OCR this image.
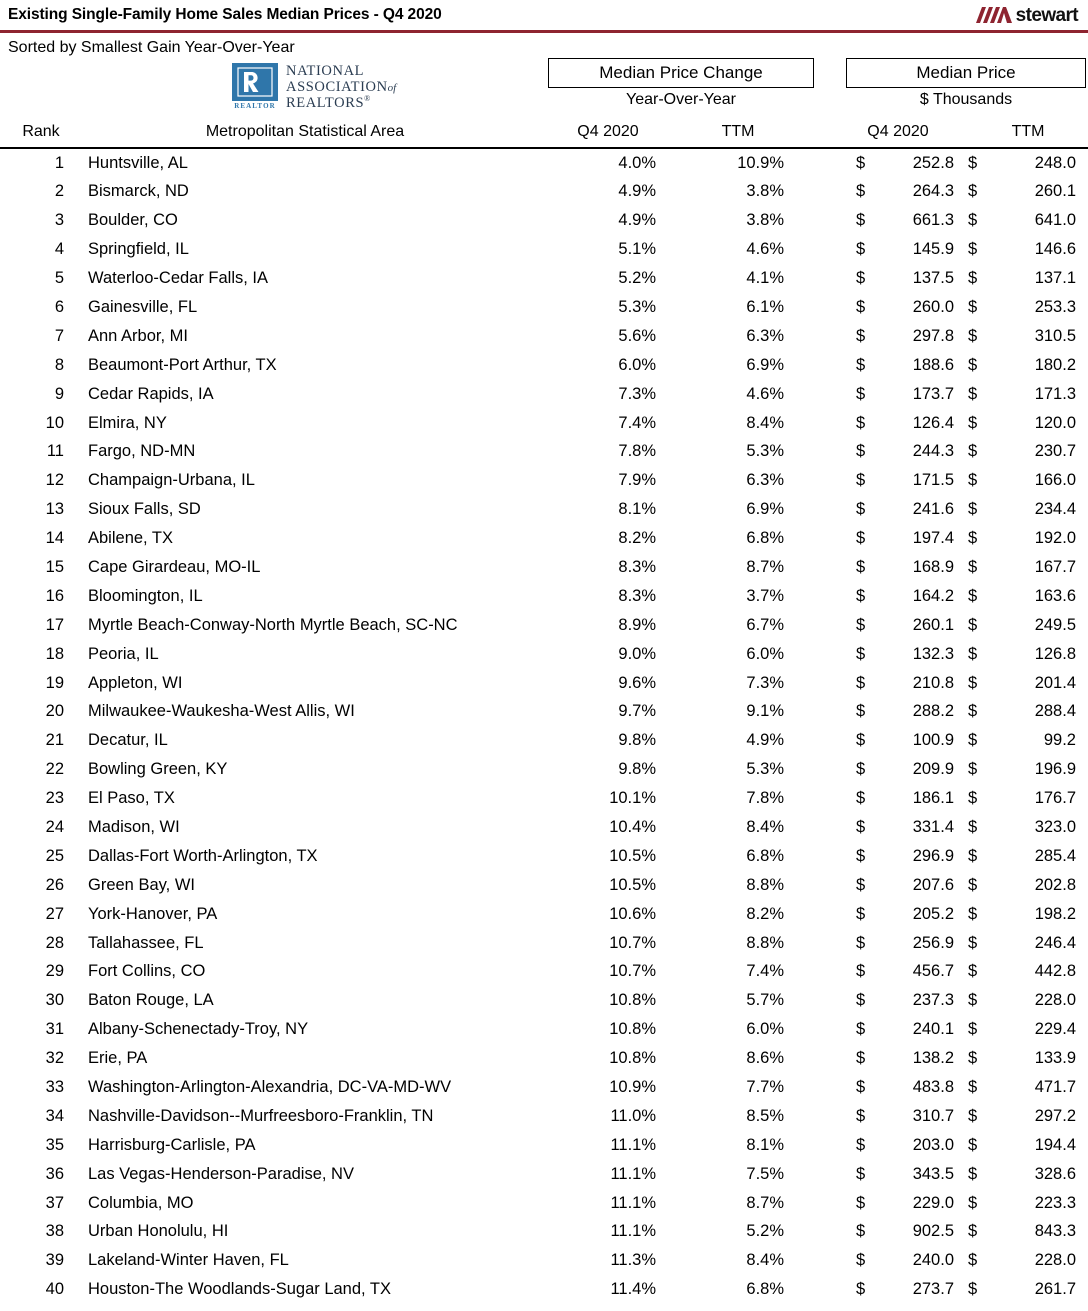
Existing Single-Family Home Sales Median Prices - Q4 2020	stewart
Sorted by Smallest Gain Year-Over-Year
REALTOR
NATIONAL
ASSOCIATIONof
REALTORS®
Median Price Change	Median Price
Year-Over-Year	$ Thousands
Rank	Metropolitan Statistical Area	Q4 2020	TTM	Q4 2020	TTM
1 Huntsville, AL	4.0%	10.9%	$	252.8 $	248.0
2 Bismarck, ND	4.9%	3.8%	$	264.3 $	260.1
3 Boulder, CO	4.9%	3.8%	$	661.3 $	641.0
4 Springfield, IL	5.1%	4.6%	$	145.9 $	146.6
5 Waterloo-Cedar Falls, IA	5.2%	4.1%	$	137.5 $	137.1
6 Gainesville, FL	5.3%	6.1%	$	260.0 $	253.3
7 Ann Arbor, MI	5.6%	6.3%	$	297.8 $	310.5
8 Beaumont-Port Arthur, TX	6.0%	6.9%	$	188.6 $	180.2
9 Cedar Rapids, IA	7.3%	4.6%	$	173.7 $	171.3
10 Elmira, NY	7.4%	8.4%	$	126.4 $	120.0
11 Fargo, ND-MN	7.8%	5.3%	$	244.3 $	230.7
12 Champaign-Urbana, IL	7.9%	6.3%	$	171.5 $	166.0
13 Sioux Falls, SD	8.1%	6.9%	$	241.6 $	234.4
14 Abilene, TX	8.2%	6.8%	$	197.4 $	192.0
15 Cape Girardeau, MO-IL	8.3%	8.7%	$	168.9 $	167.7
16 Bloomington, IL	8.3%	3.7%	$	164.2 $	163.6
17 Myrtle Beach-Conway-North Myrtle Beach, SC-NC	8.9%	6.7%	$	260.1 $	249.5
18 Peoria, IL	9.0%	6.0%	$	132.3 $	126.8
19 Appleton, WI	9.6%	7.3%	$	210.8 $	201.4
20 Milwaukee-Waukesha-West Allis, WI	9.7%	9.1%	$	288.2 $	288.4
21 Decatur, IL	9.8%	4.9%	$	100.9 $	99.2
22 Bowling Green, KY	9.8%	5.3%	$	209.9 $	196.9
23 El Paso, TX	10.1%	7.8%	$	186.1 $	176.7
24 Madison, WI	10.4%	8.4%	$	331.4 $	323.0
25 Dallas-Fort Worth-Arlington, TX	10.5%	6.8%	$	296.9 $	285.4
26 Green Bay, WI	10.5%	8.8%	$	207.6 $	202.8
27 York-Hanover, PA	10.6%	8.2%	$	205.2 $	198.2
28 Tallahassee, FL	10.7%	8.8%	$	256.9 $	246.4
29 Fort Collins, CO	10.7%	7.4%	$	456.7 $	442.8
30 Baton Rouge, LA	10.8%	5.7%	$	237.3 $	228.0
31 Albany-Schenectady-Troy, NY	10.8%	6.0%	$	240.1 $	229.4
32 Erie, PA	10.8%	8.6%	$	138.2 $	133.9
33 Washington-Arlington-Alexandria, DC-VA-MD-WV	10.9%	7.7%	$	483.8 $	471.7
34 Nashville-Davidson--Murfreesboro-Franklin, TN	11.0%	8.5%	$	310.7 $	297.2
35 Harrisburg-Carlisle, PA	11.1%	8.1%	$	203.0 $	194.4
36 Las Vegas-Henderson-Paradise, NV	11.1%	7.5%	$	343.5 $	328.6
37 Columbia, MO	11.1%	8.7%	$	229.0 $	223.3
38 Urban Honolulu, HI	11.1%	5.2%	$	902.5 $	843.3
39 Lakeland-Winter Haven, FL	11.3%	8.4%	$	240.0 $	228.0
40 Houston-The Woodlands-Sugar Land, TX	11.4%	6.8%	$	273.7 $	261.7
